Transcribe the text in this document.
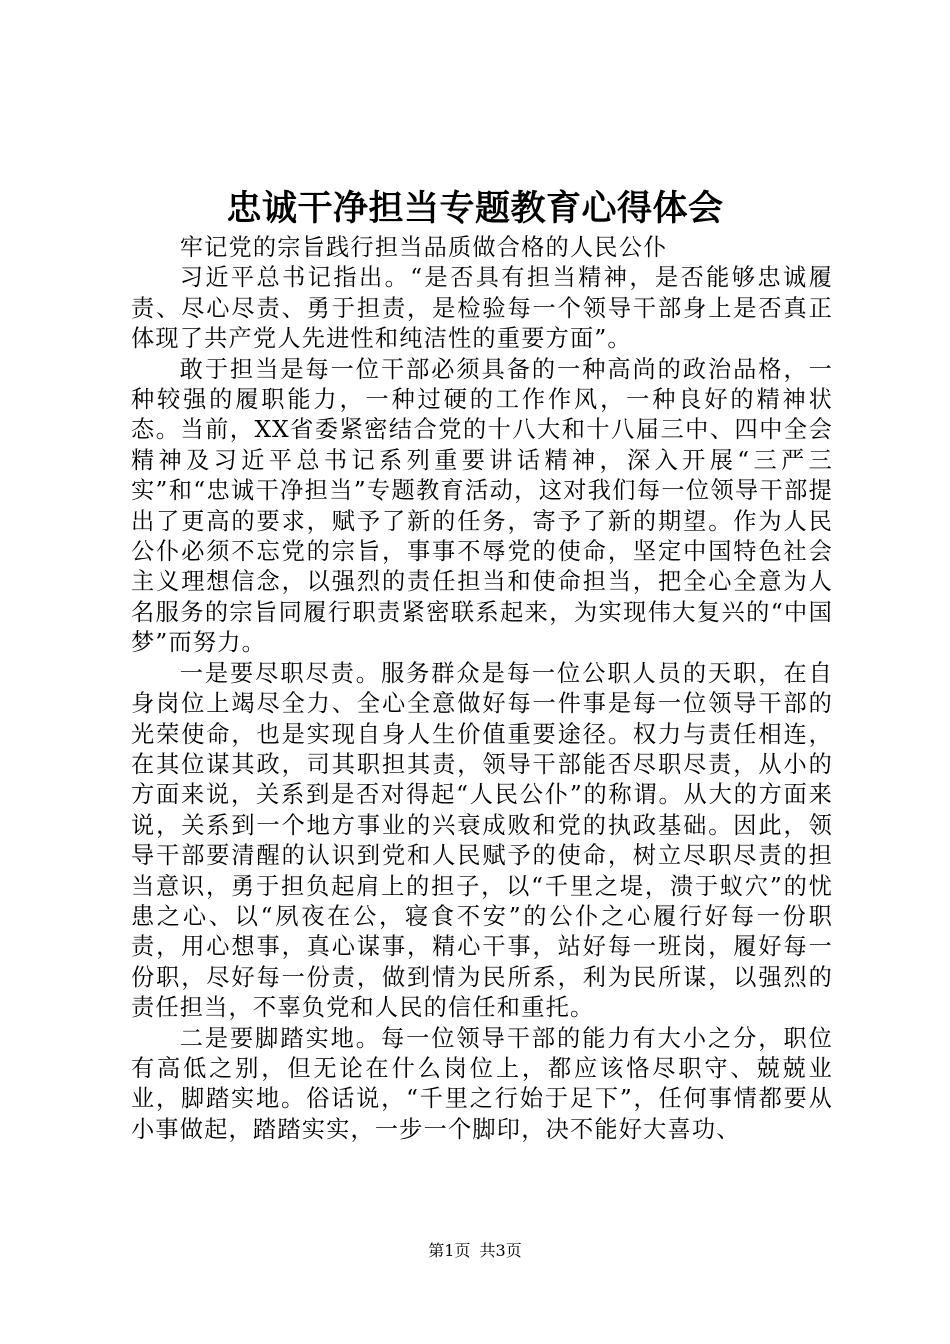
忠诚干净担当专题教育心得体会

牢记党的宗旨践行担当品质做合格的人民公仆

习近平总书记指出。“是否具有担当精神，是否能够忠诚履责、尽心尽责、勇于担责，是检验每一个领导干部身上是否真正体现了共产党人先进性和纯洁性的重要方面”。

敢于担当是每一位干部必须具备的一种高尚的政治品格，一种较强的履职能力，一种过硬的工作作风，一种良好的精神状态。当前，XX省委紧密结合党的十八大和十八届三中、四中全会精神及习近平总书记系列重要讲话精神，深入开展“三严三实”和“忠诚干净担当”专题教育活动，这对我们每一位领导干部提出了更高的要求，赋予了新的任务，寄予了新的期望。作为人民公仆必须不忘党的宗旨，事事不辱党的使命，坚定中国特色社会主义理想信念，以强烈的责任担当和使命担当，把全心全意为人名服务的宗旨同履行职责紧密联系起来，为实现伟大复兴的“中国梦”而努力。

一是要尽职尽责。服务群众是每一位公职人员的天职，在自身岗位上竭尽全力、全心全意做好每一件事是每一位领导干部的光荣使命，也是实现自身人生价值重要途径。权力与责任相连，在其位谋其政，司其职担其责，领导干部能否尽职尽责，从小的方面来说，关系到是否对得起“人民公仆”的称谓。从大的方面来说，关系到一个地方事业的兴衰成败和党的执政基础。因此，领导干部要清醒的认识到党和人民赋予的使命，树立尽职尽责的担当意识，勇于担负起肩上的担子，以“千里之堤，溃于蚁穴”的忧患之心、以“夙夜在公，寝食不安”的公仆之心履行好每一份职责，用心想事，真心谋事，精心干事，站好每一班岗，履好每一份职，尽好每一份责，做到情为民所系，利为民所谋，以强烈的责任担当，不辜负党和人民的信任和重托。

二是要脚踏实地。每一位领导干部的能力有大小之分，职位有高低之别，但无论在什么岗位上，都应该恪尽职守、兢兢业业，脚踏实地。俗话说，“千里之行始于足下”，任何事情都要从小事做起，踏踏实实，一步一个脚印，决不能好大喜功、

第1页 共3页
